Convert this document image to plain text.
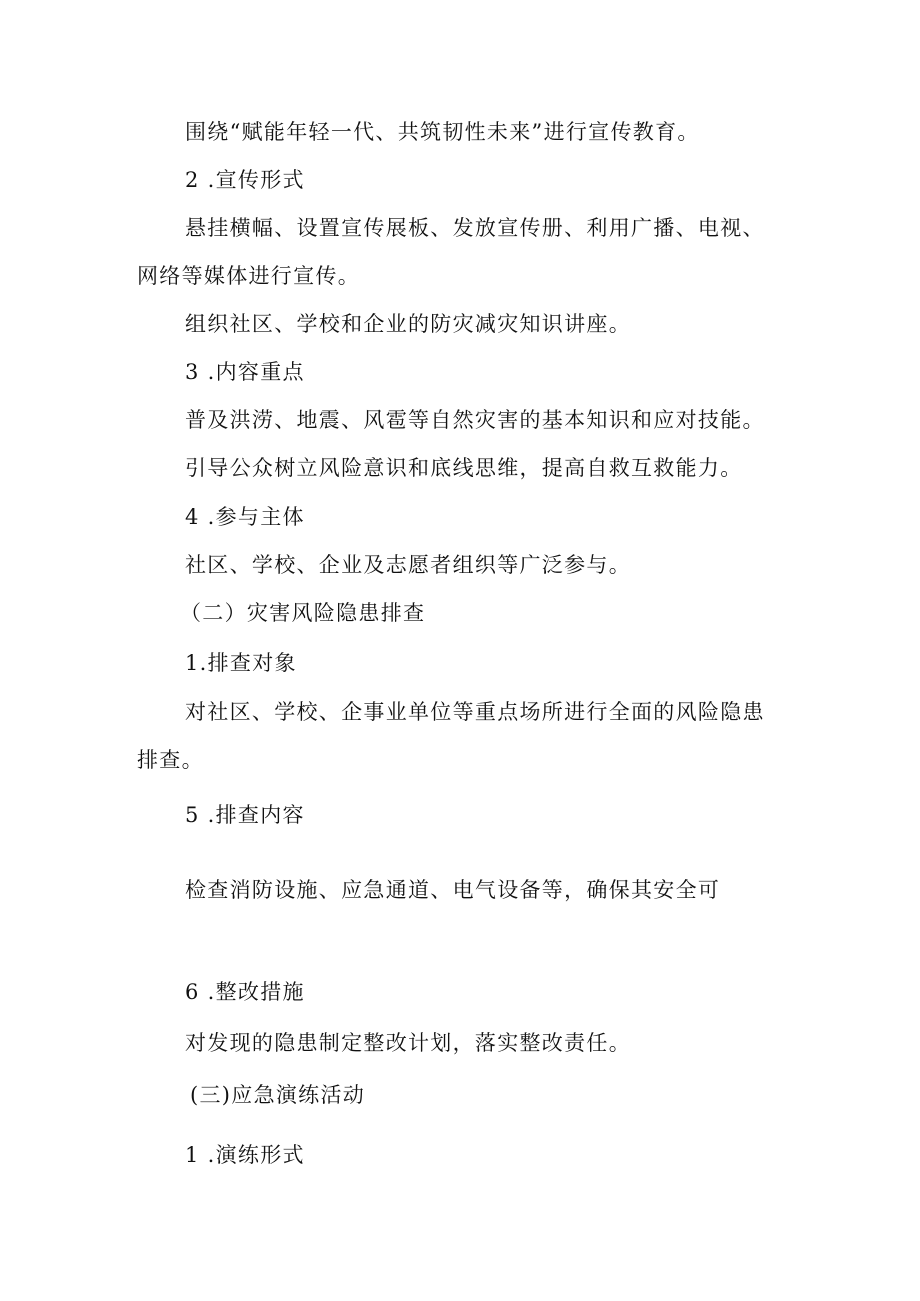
围绕“赋能年轻一代、共筑韧性未来”进行宣传教育。

2 .宣传形式

悬挂横幅、设置宣传展板、发放宣传册、利用广播、电视、

网络等媒体进行宣传。

组织社区、学校和企业的防灾减灾知识讲座。

3 .内容重点

普及洪涝、地震、风雹等自然灾害的基本知识和应对技能。

引导公众树立风险意识和底线思维，提高自救互救能力。

4 .参与主体

社区、学校、企业及志愿者组织等广泛参与。

（二）灾害风险隐患排查

1.排查对象

对社区、学校、企事业单位等重点场所进行全面的风险隐患

排查。

5 .排查内容

检查消防设施、应急通道、电气设备等，确保其安全可

6 .整改措施

对发现的隐患制定整改计划，落实整改责任。

(三)应急演练活动

1 .演练形式
